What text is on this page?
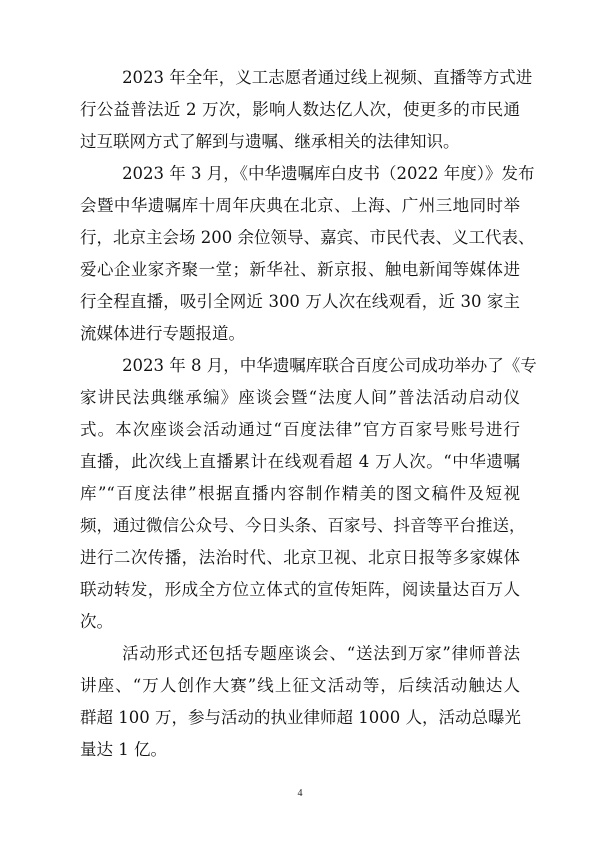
2023 年全年，义工志愿者通过线上视频、直播等方式进
行公益普法近 2 万次，影响人数达亿人次，使更多的市民通
过互联网方式了解到与遗嘱、继承相关的法律知识。
2023 年 3 月，《中华遗嘱库白皮书（2022 年度）》发布
会暨中华遗嘱库十周年庆典在北京、上海、广州三地同时举
行，北京主会场 200 余位领导、嘉宾、市民代表、义工代表、
爱心企业家齐聚一堂；新华社、新京报、触电新闻等媒体进
行全程直播，吸引全网近 300 万人次在线观看，近 30 家主
流媒体进行专题报道。
2023 年 8 月，中华遗嘱库联合百度公司成功举办了《专
家讲民法典继承编》座谈会暨“法度人间”普法活动启动仪
式。本次座谈会活动通过“百度法律”官方百家号账号进行
直播，此次线上直播累计在线观看超 4 万人次。“中华遗嘱
库”“百度法律”根据直播内容制作精美的图文稿件及短视
频，通过微信公众号、今日头条、百家号、抖音等平台推送，
进行二次传播，法治时代、北京卫视、北京日报等多家媒体
联动转发，形成全方位立体式的宣传矩阵，阅读量达百万人
次。
活动形式还包括专题座谈会、“送法到万家”律师普法
讲座、“万人创作大赛”线上征文活动等，后续活动触达人
群超 100 万，参与活动的执业律师超 1000 人，活动总曝光
量达 1 亿。
4
